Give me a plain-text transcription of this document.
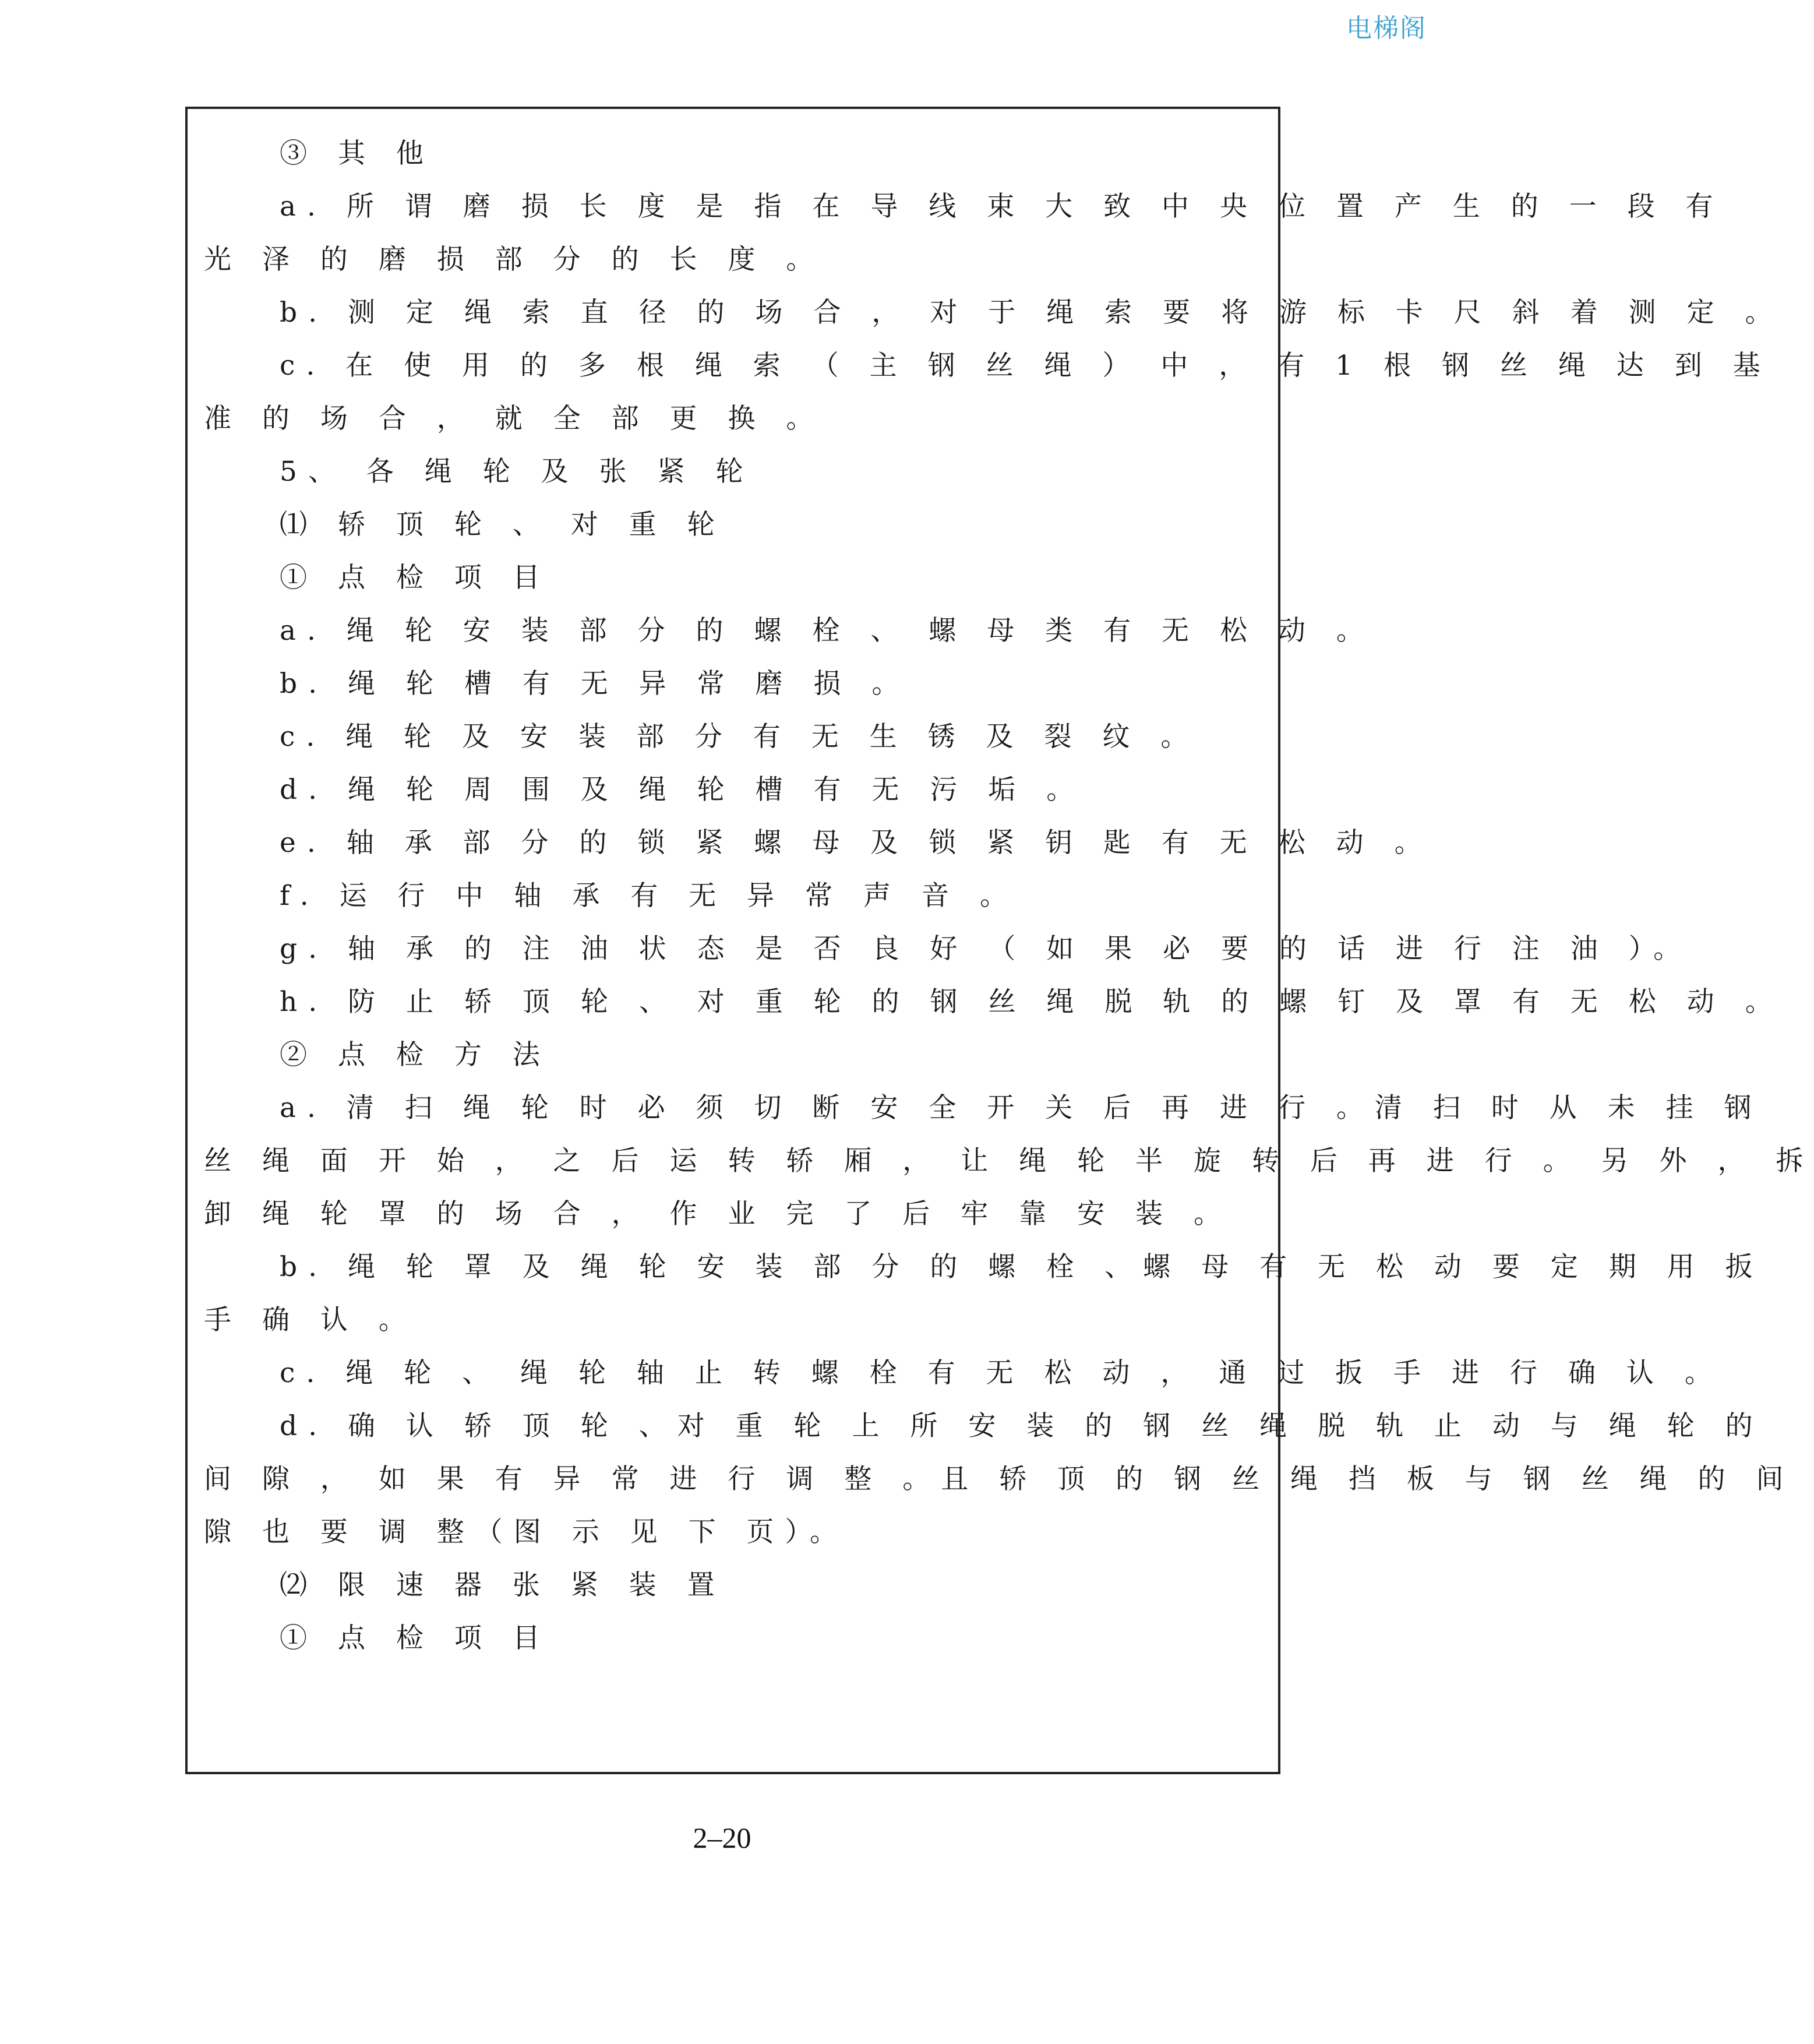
电梯阁
③ 其 他
a. 所 谓 磨 损 长 度 是 指 在 导 线 束 大 致 中 央 位 置 产 生 的 一 段 有
光 泽 的 磨 损 部 分 的 长 度 。
b. 测 定 绳 索 直 径 的 场 合 ， 对 于 绳 索 要 将 游 标 卡 尺 斜 着 测 定 。
c. 在 使 用 的 多 根 绳 索 （ 主 钢 丝 绳 ） 中 ， 有 1 根 钢 丝 绳 达 到 基
准 的 场 合 ， 就 全 部 更 换 。
5、 各 绳 轮 及 张 紧 轮
⑴ 轿 顶 轮 、 对 重 轮
① 点 检 项 目
a. 绳 轮 安 装 部 分 的 螺 栓 、 螺 母 类 有 无 松 动 。
b. 绳 轮 槽 有 无 异 常 磨 损 。
c. 绳 轮 及 安 装 部 分 有 无 生 锈 及 裂 纹 。
d. 绳 轮 周 围 及 绳 轮 槽 有 无 污 垢 。
e. 轴 承 部 分 的 锁 紧 螺 母 及 锁 紧 钥 匙 有 无 松 动 。
f. 运 行 中 轴 承 有 无 异 常 声 音 。
g. 轴 承 的 注 油 状 态 是 否 良 好 （ 如 果 必 要 的 话 进 行 注 油 ）。
h. 防 止 轿 顶 轮 、 对 重 轮 的 钢 丝 绳 脱 轨 的 螺 钉 及 罩 有 无 松 动 。
② 点 检 方 法
a. 清 扫 绳 轮 时 必 须 切 断 安 全 开 关 后 再 进 行 。清 扫 时 从 未 挂 钢
丝 绳 面 开 始 ， 之 后 运 转 轿 厢 ， 让 绳 轮 半 旋 转 后 再 进 行 。 另 外 ， 拆
卸 绳 轮 罩 的 场 合 ， 作 业 完 了 后 牢 靠 安 装 。
b. 绳 轮 罩 及 绳 轮 安 装 部 分 的 螺 栓 、螺 母 有 无 松 动 要 定 期 用 扳
手 确 认 。
c. 绳 轮 、 绳 轮 轴 止 转 螺 栓 有 无 松 动 ， 通 过 扳 手 进 行 确 认 。
d. 确 认 轿 顶 轮 、对 重 轮 上 所 安 装 的 钢 丝 绳 脱 轨 止 动 与 绳 轮 的
间 隙 ， 如 果 有 异 常 进 行 调 整 。且 轿 顶 的 钢 丝 绳 挡 板 与 钢 丝 绳 的 间
隙 也 要 调 整（图 示 见 下 页）。
⑵ 限 速 器 张 紧 装 置
① 点 检 项 目
2–20
